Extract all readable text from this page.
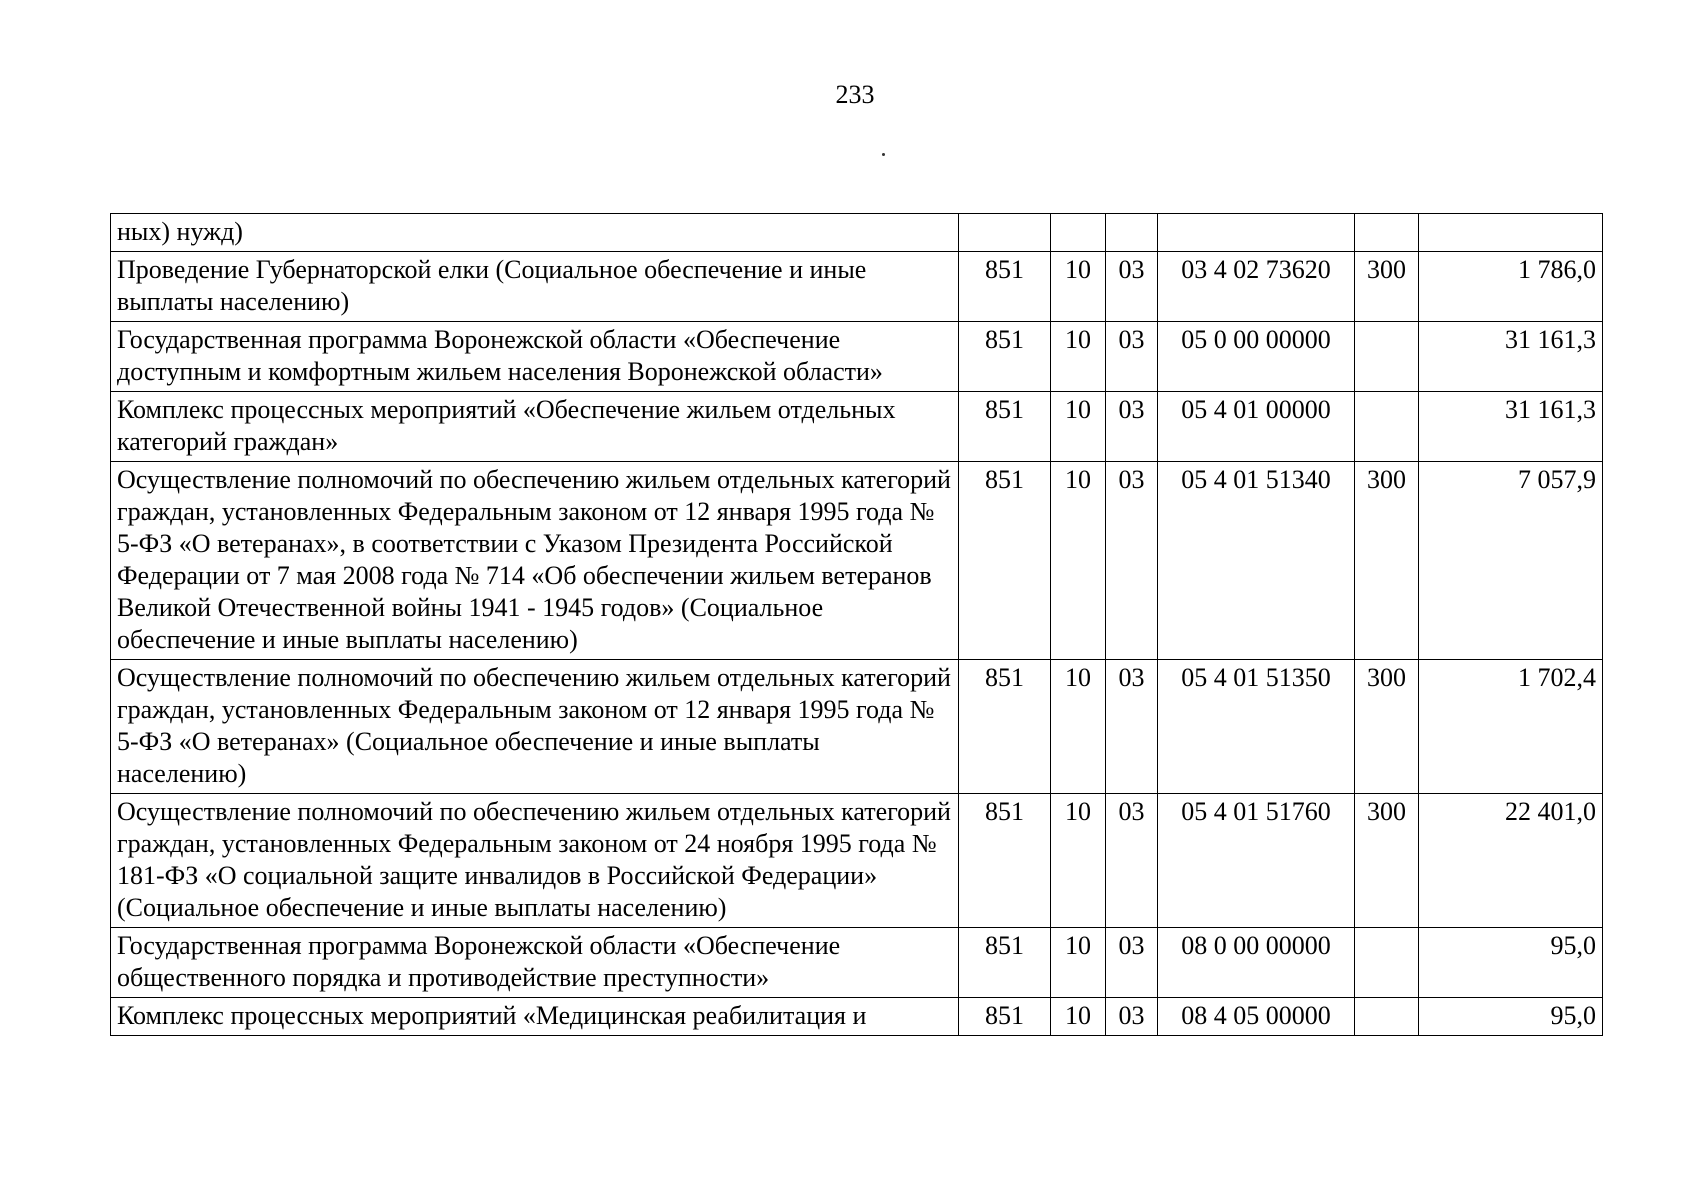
233
ных) нужд)						
Проведение Губернаторской елки (Социальное обеспечение и иные выплаты населению)	851	10	03	03 4 02 73620	300	1 786,0
Государственная программа Воронежской области «Обеспечение доступным и комфортным жильем населения Воронежской области»	851	10	03	05 0 00 00000		31 161,3
Комплекс процессных мероприятий «Обеспечение жильем отдельных категорий граждан»	851	10	03	05 4 01 00000		31 161,3
Осуществление полномочий по обеспечению жильем отдельных категорий граждан, установленных Федеральным законом от 12 января 1995 года № 5-ФЗ «О ветеранах», в соответствии с Указом Президента Российской Федерации от 7 мая 2008 года № 714 «Об обеспечении жильем ветеранов Великой Отечественной войны 1941 - 1945 годов» (Социальное обеспечение и иные выплаты населению)	851	10	03	05 4 01 51340	300	7 057,9
Осуществление полномочий по обеспечению жильем отдельных категорий граждан, установленных Федеральным законом от 12 января 1995 года № 5-ФЗ «О ветеранах» (Социальное обеспечение и иные выплаты населению)	851	10	03	05 4 01 51350	300	1 702,4
Осуществление полномочий по обеспечению жильем отдельных категорий граждан, установленных Федеральным законом от 24 ноября 1995 года № 181-ФЗ «О социальной защите инвалидов в Российской Федерации» (Социальное обеспечение и иные выплаты населению)	851	10	03	05 4 01 51760	300	22 401,0
Государственная программа Воронежской области «Обеспечение общественного порядка и противодействие преступности»	851	10	03	08 0 00 00000		95,0
Комплекс процессных мероприятий «Медицинская реабилитация и	851	10	03	08 4 05 00000		95,0
